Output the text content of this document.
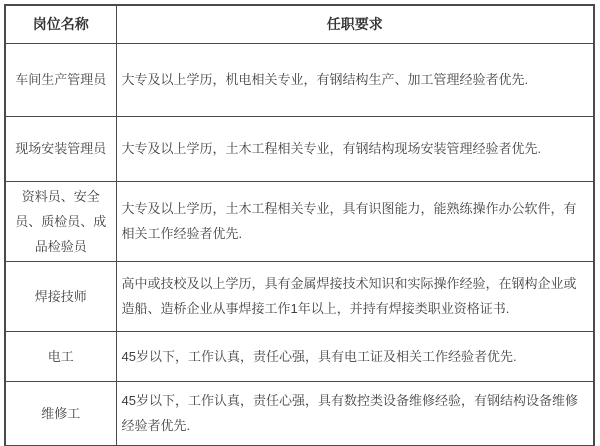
岗位名称	任职要求
车间生产管理员	大专及以上学历，机电相关专业，有钢结构生产、加工管理经验者优先.
现场安装管理员	大专及以上学历，土木工程相关专业，有钢结构现场安装管理经验者优先.
资料员、安全员、质检员、成品检验员	大专及以上学历，土木工程相关专业，具有识图能力，能熟练操作办公软件，有相关工作经验者优先.
焊接技师	高中或技校及以上学历，具有金属焊接技术知识和实际操作经验，在钢构企业或造船、造桥企业从事焊接工作1年以上，并持有焊接类职业资格证书.
电工	45岁以下，工作认真，责任心强，具有电工证及相关工作经验者优先.
维修工	45岁以下，工作认真，责任心强，具有数控类设备维修经验，有钢结构设备维修经验者优先.
